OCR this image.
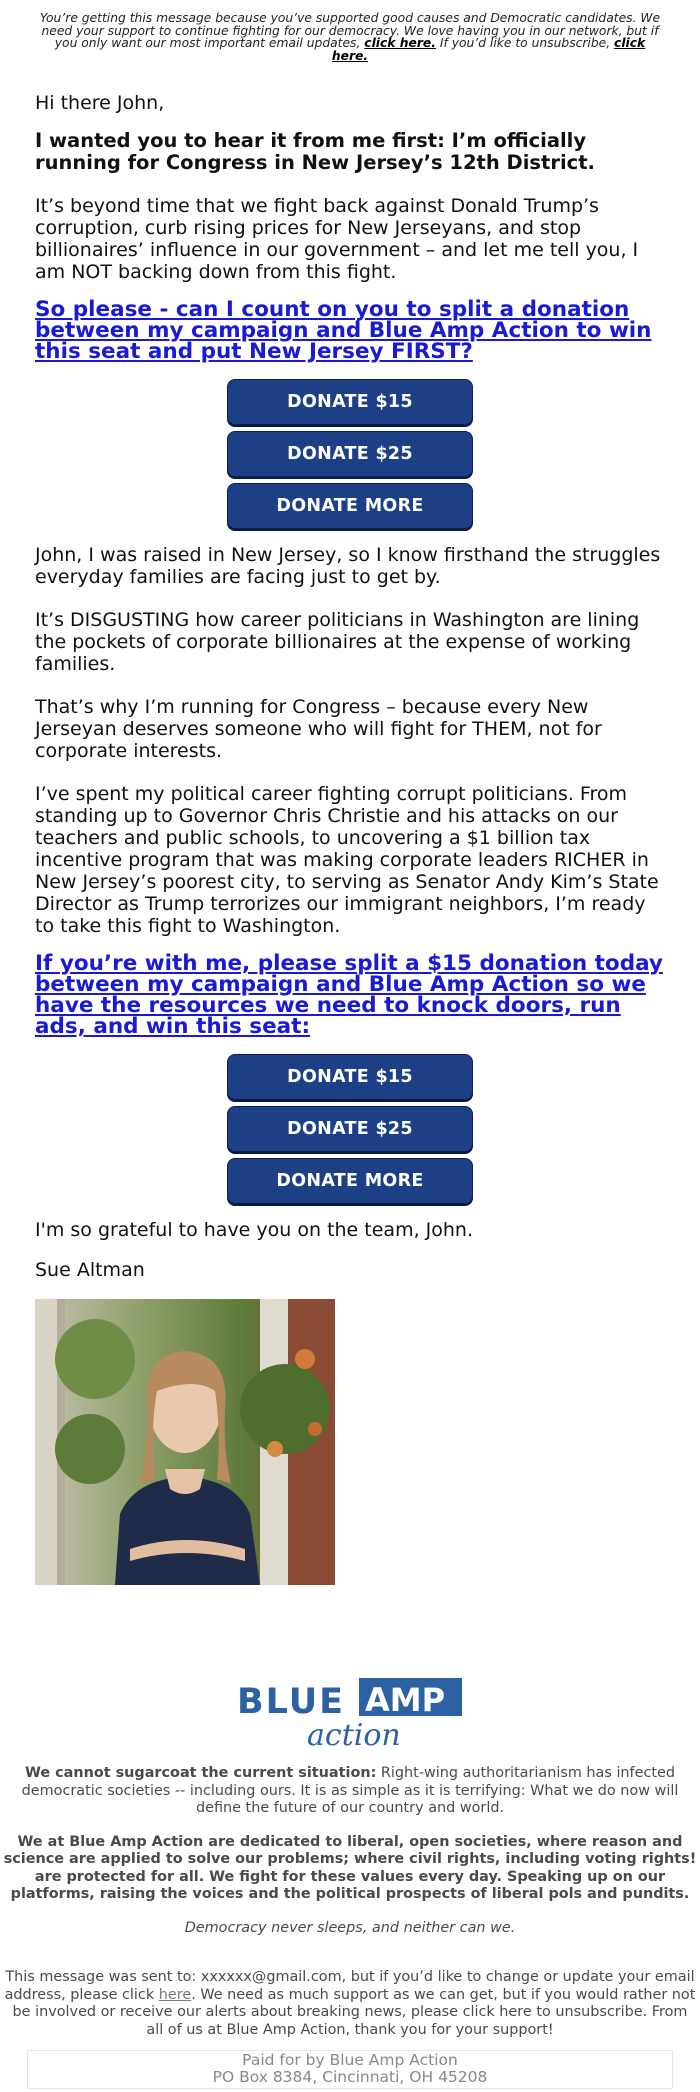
You’re getting this message because you’ve supported good causes and Democratic candidates. We need your support to continue fighting for our democracy. We love having you in our network, but if you only want our most important email updates, click here. If you’d like to unsubscribe, click here.

Hi there John,

I wanted you to hear it from me first: I’m officially running for Congress in New Jersey’s 12th District.

It’s beyond time that we fight back against Donald Trump’s corruption, curb rising prices for New Jerseyans, and stop billionaires’ influence in our government – and let me tell you, I am NOT backing down from this fight.

So please - can I count on you to split a donation between my campaign and Blue Amp Action to win this seat and put New Jersey FIRST?
DONATE $15
DONATE $25
DONATE MORE

John, I was raised in New Jersey, so I know firsthand the struggles everyday families are facing just to get by.

It’s DISGUSTING how career politicians in Washington are lining the pockets of corporate billionaires at the expense of working families.

That’s why I’m running for Congress – because every New Jerseyan deserves someone who will fight for THEM, not for corporate interests.

I’ve spent my political career fighting corrupt politicians. From standing up to Governor Chris Christie and his attacks on our teachers and public schools, to uncovering a $1 billion tax incentive program that was making corporate leaders RICHER in New Jersey’s poorest city, to serving as Senator Andy Kim’s State Director as Trump terrorizes our immigrant neighbors, I’m ready to take this fight to Washington.

If you’re with me, please split a $15 donation today between my campaign and Blue Amp Action so we have the resources we need to knock doors, run ads, and win this seat:
DONATE $15
DONATE $25
DONATE MORE

I'm so grateful to have you on the team, John.

Sue Altman

BLUE AMP
action

We cannot sugarcoat the current situation: Right-wing authoritarianism has infected democratic societies -- including ours. It is as simple as it is terrifying: What we do now will define the future of our country and world.

We at Blue Amp Action are dedicated to liberal, open societies, where reason and science are applied to solve our problems; where civil rights, including voting rights! are protected for all. We fight for these values every day. Speaking up on our platforms, raising the voices and the political prospects of liberal pols and pundits.

Democracy never sleeps, and neither can we.

This message was sent to: xxxxxx@gmail.com, but if you’d like to change or update your email address, please click here. We need as much support as we can get, but if you would rather not be involved or receive our alerts about breaking news, please click here to unsubscribe. From all of us at Blue Amp Action, thank you for your support!

Paid for by Blue Amp Action
PO Box 8384, Cincinnati, OH 45208
